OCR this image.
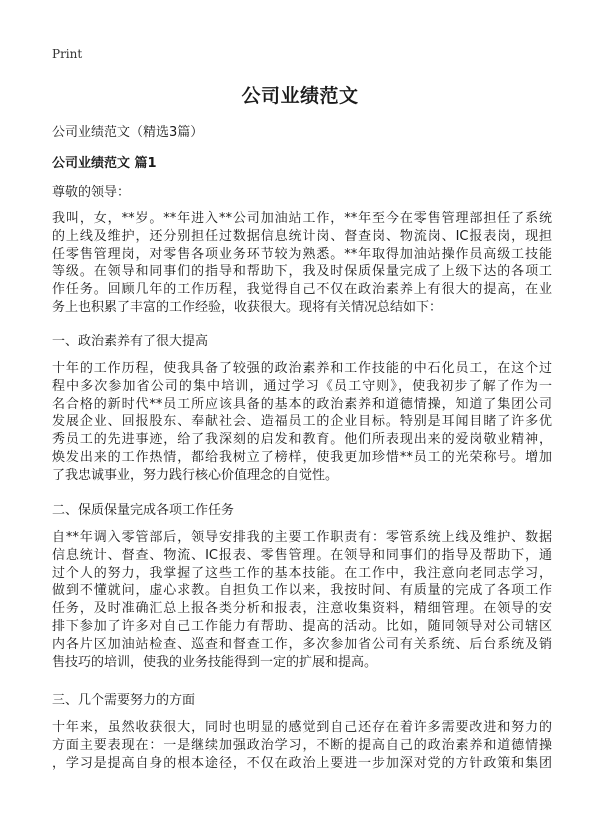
Print
公司业绩范文
公司业绩范文（精选3篇）
公司业绩范文 篇1
尊敬的领导：

我叫，女，**岁。**年进入**公司加油站工作，**年至今在零售管理部担任了系统
的上线及维护，还分别担任过数据信息统计岗、督查岗、物流岗、IC报表岗，现担
任零售管理岗，对零售各项业务环节较为熟悉。**年取得加油站操作员高级工技能
等级。在领导和同事们的指导和帮助下，我及时保质保量完成了上级下达的各项工
作任务。回顾几年的工作历程，我觉得自己不仅在政治素养上有很大的提高，在业
务上也积累了丰富的工作经验，收获很大。现将有关情况总结如下：

一、政治素养有了很大提高

十年的工作历程，使我具备了较强的政治素养和工作技能的中石化员工，在这个过
程中多次参加省公司的集中培训，通过学习《员工守则》，使我初步了解了作为一
名合格的新时代**员工所应该具备的基本的政治素养和道德情操，知道了集团公司
发展企业、回报股东、奉献社会、造福员工的企业目标。特别是耳闻目睹了许多优
秀员工的先进事迹，给了我深刻的启发和教育。他们所表现出来的爱岗敬业精神，
焕发出来的工作热情，都给我树立了榜样，使我更加珍惜**员工的光荣称号。增加
了我忠诚事业，努力践行核心价值理念的自觉性。

二、保质保量完成各项工作任务

自**年调入零管部后，领导安排我的主要工作职责有：零管系统上线及维护、数据
信息统计、督查、物流、IC报表、零售管理。在领导和同事们的指导及帮助下，通
过个人的努力，我掌握了这些工作的基本技能。在工作中，我注意向老同志学习，
做到不懂就问，虚心求教。自担负工作以来，我按时间、有质量的完成了各项工作
任务，及时准确汇总上报各类分析和报表，注意收集资料，精细管理。在领导的安
排下参加了许多对自己工作能力有帮助、提高的活动。比如，随同领导对公司辖区
内各片区加油站检查、巡查和督查工作，多次参加省公司有关系统、后台系统及销
售技巧的培训，使我的业务技能得到一定的扩展和提高。

三、几个需要努力的方面

十年来，虽然收获很大，同时也明显的感觉到自己还存在着许多需要改进和努力的
方面主要表现在：一是继续加强政治学习，不断的提高自己的政治素养和道德情操
，学习是提高自身的根本途径，不仅在政治上要进一步加深对党的方针政策和集团
